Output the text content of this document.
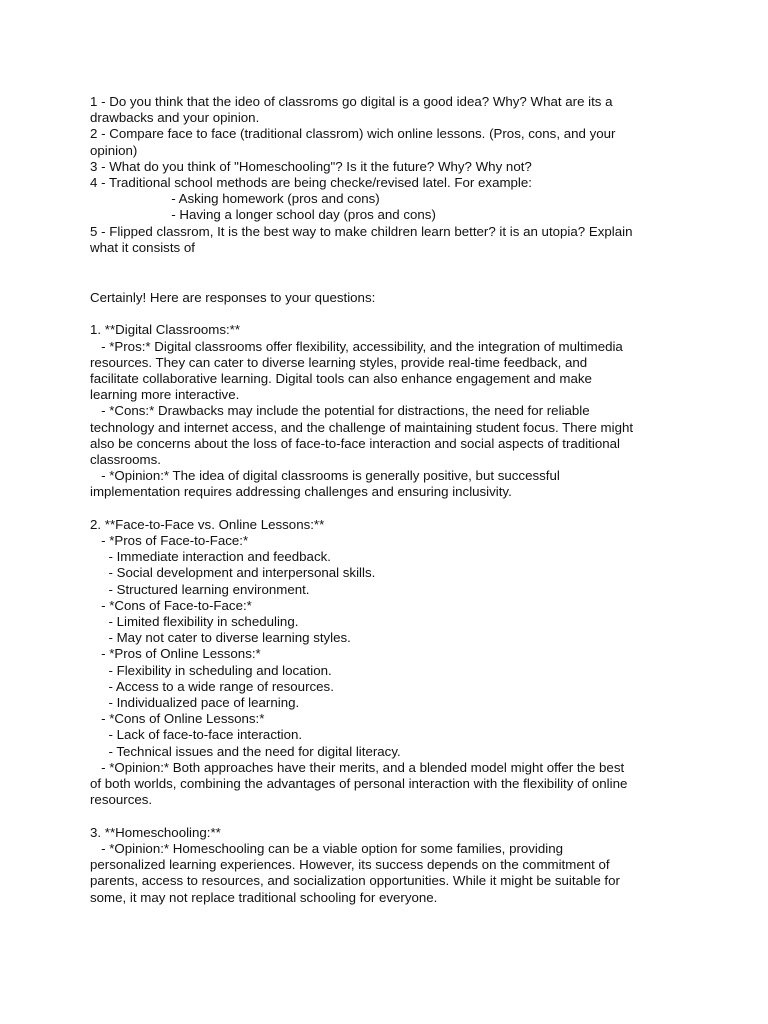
1 - Do you think that the ideo of classroms go digital is a good idea? Why? What are its a
drawbacks and your opinion.
2 - Compare face to face (traditional classrom) wich online lessons. (Pros, cons, and your
opinion)
3 - What do you think of "Homeschooling"? Is it the future? Why? Why not?
4 - Traditional school methods are being checke/revised latel. For example:
- Asking homework (pros and cons)
- Having a longer school day (pros and cons)
5 - Flipped classrom, It is the best way to make children learn better? it is an utopia? Explain
what it consists of
Certainly! Here are responses to your questions:

1. **Digital Classrooms:**
- *Pros:* Digital classrooms offer flexibility, accessibility, and the integration of multimedia
resources. They can cater to diverse learning styles, provide real-time feedback, and
facilitate collaborative learning. Digital tools can also enhance engagement and make
learning more interactive.
- *Cons:* Drawbacks may include the potential for distractions, the need for reliable
technology and internet access, and the challenge of maintaining student focus. There might
also be concerns about the loss of face-to-face interaction and social aspects of traditional
classrooms.
- *Opinion:* The idea of digital classrooms is generally positive, but successful
implementation requires addressing challenges and ensuring inclusivity.

2. **Face-to-Face vs. Online Lessons:**
- *Pros of Face-to-Face:*
- Immediate interaction and feedback.
- Social development and interpersonal skills.
- Structured learning environment.
- *Cons of Face-to-Face:*
- Limited flexibility in scheduling.
- May not cater to diverse learning styles.
- *Pros of Online Lessons:*
- Flexibility in scheduling and location.
- Access to a wide range of resources.
- Individualized pace of learning.
- *Cons of Online Lessons:*
- Lack of face-to-face interaction.
- Technical issues and the need for digital literacy.
- *Opinion:* Both approaches have their merits, and a blended model might offer the best
of both worlds, combining the advantages of personal interaction with the flexibility of online
resources.

3. **Homeschooling:**
- *Opinion:* Homeschooling can be a viable option for some families, providing
personalized learning experiences. However, its success depends on the commitment of
parents, access to resources, and socialization opportunities. While it might be suitable for
some, it may not replace traditional schooling for everyone.
